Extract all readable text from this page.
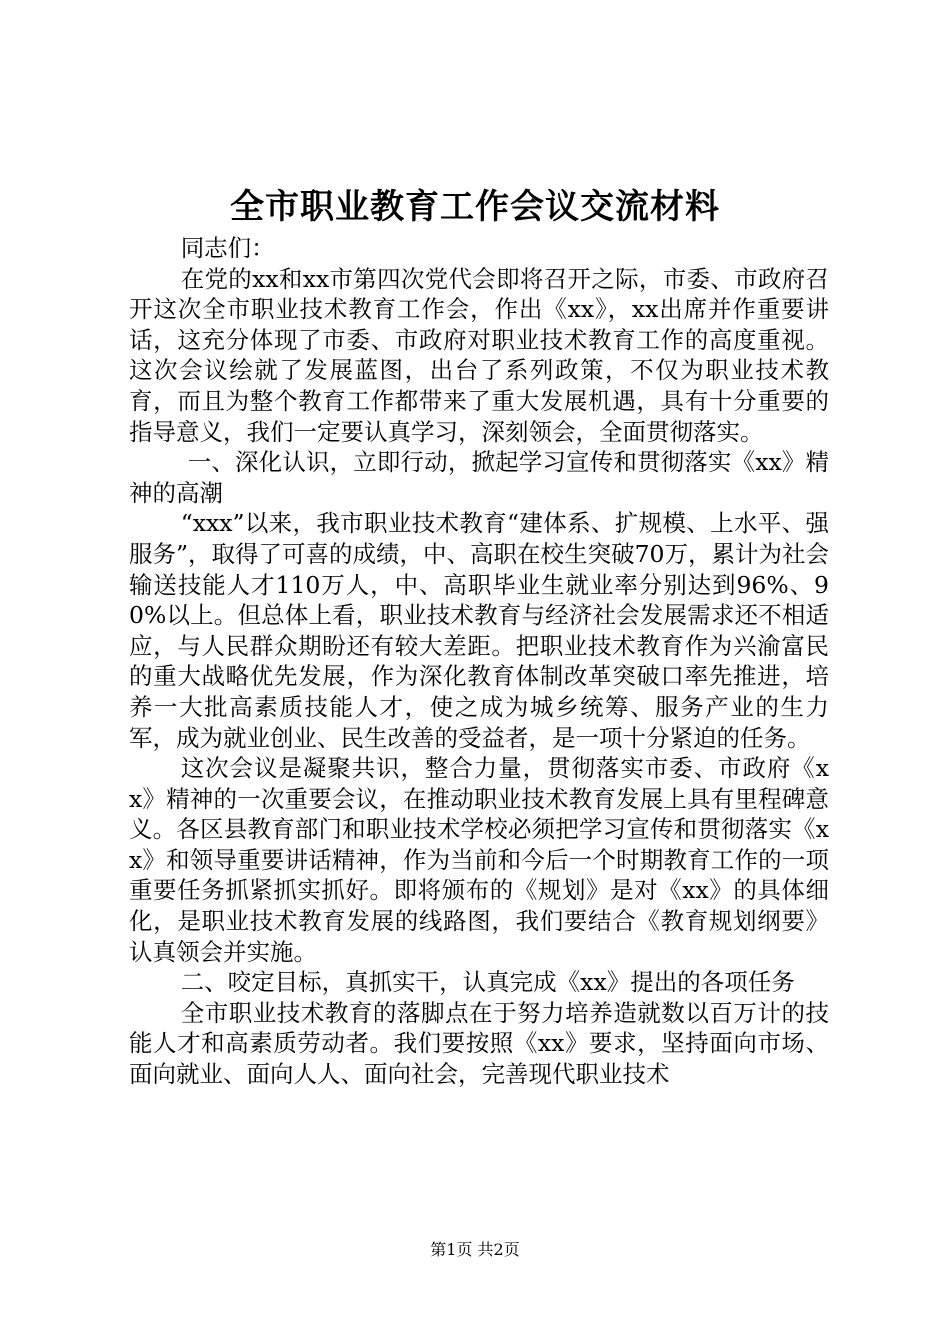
全市职业教育工作会议交流材料

同志们：

在党的xx和xx市第四次党代会即将召开之际，市委、市政府召开这次全市职业技术教育工作会，作出《xx》，xx出席并作重要讲话，这充分体现了市委、市政府对职业技术教育工作的高度重视。这次会议绘就了发展蓝图，出台了系列政策，不仅为职业技术教育，而且为整个教育工作都带来了重大发展机遇，具有十分重要的指导意义，我们一定要认真学习，深刻领会，全面贯彻落实。

一、深化认识，立即行动，掀起学习宣传和贯彻落实《xx》精神的高潮

“xxx”以来，我市职业技术教育“建体系、扩规模、上水平、强服务”，取得了可喜的成绩，中、高职在校生突破70万，累计为社会输送技能人才110万人，中、高职毕业生就业率分别达到96%、90%以上。但总体上看，职业技术教育与经济社会发展需求还不相适应，与人民群众期盼还有较大差距。把职业技术教育作为兴渝富民的重大战略优先发展，作为深化教育体制改革突破口率先推进，培养一大批高素质技能人才，使之成为城乡统筹、服务产业的生力军，成为就业创业、民生改善的受益者，是一项十分紧迫的任务。

这次会议是凝聚共识，整合力量，贯彻落实市委、市政府《xx》精神的一次重要会议，在推动职业技术教育发展上具有里程碑意义。各区县教育部门和职业技术学校必须把学习宣传和贯彻落实《xx》和领导重要讲话精神，作为当前和今后一个时期教育工作的一项重要任务抓紧抓实抓好。即将颁布的《规划》是对《xx》的具体细化，是职业技术教育发展的线路图，我们要结合《教育规划纲要》认真领会并实施。

二、咬定目标，真抓实干，认真完成《xx》提出的各项任务

全市职业技术教育的落脚点在于努力培养造就数以百万计的技能人才和高素质劳动者。我们要按照《xx》要求，坚持面向市场、面向就业、面向人人、面向社会，完善现代职业技术

第1页 共2页
